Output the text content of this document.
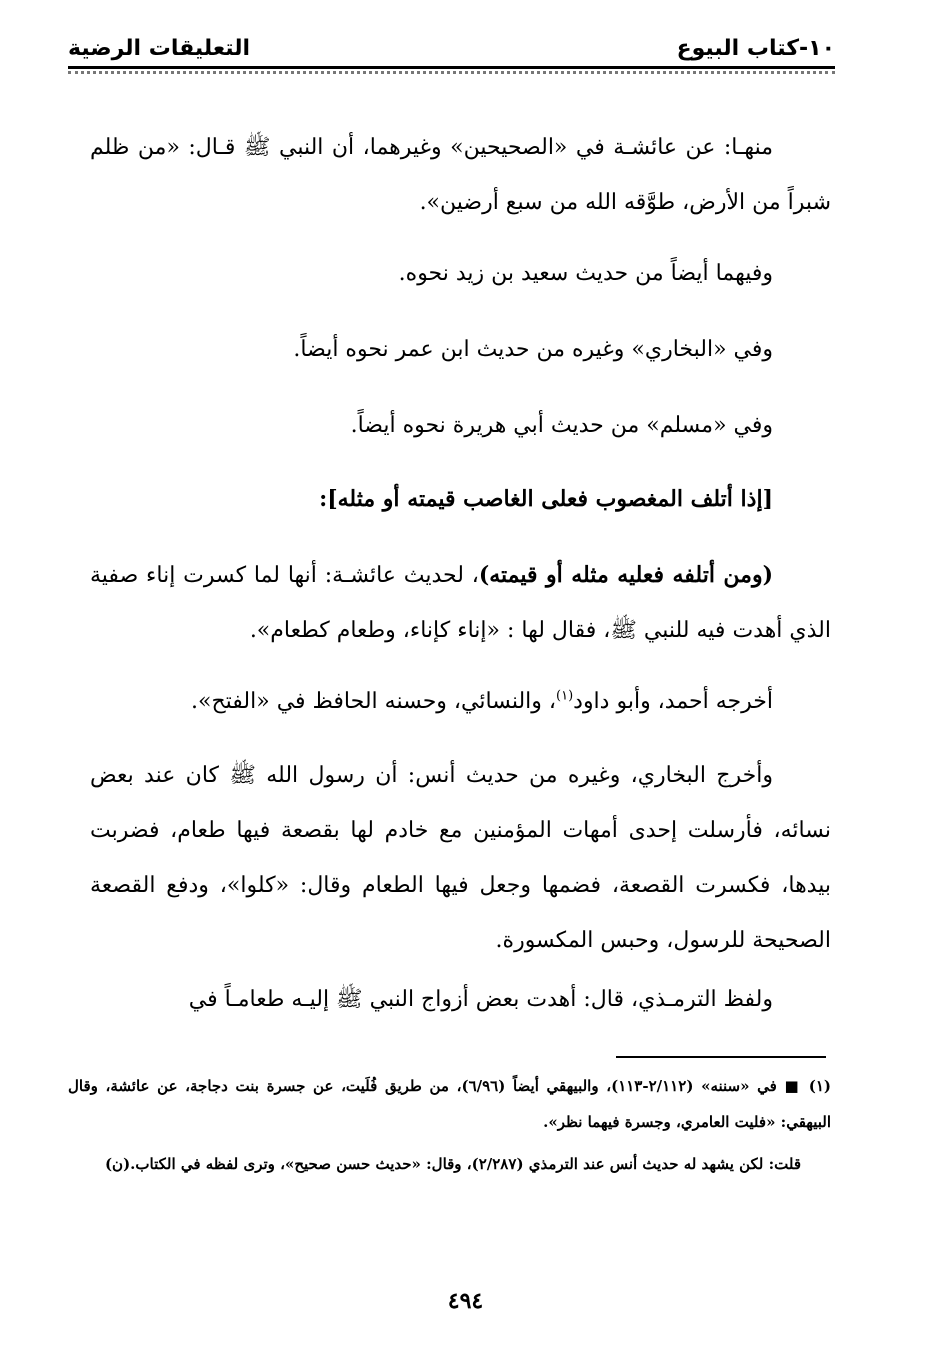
١٠-كتاب البيوع
التعليقات الرضية
منهـا: عن عائشـة في «الصحيحين» وغيرهما، أن النبي ﷺ قـال: «من ظلم شبراً من الأرض، طوَّقه الله من سبع أرضين».
وفيهما أيضاً من حديث سعيد بن زيد نحوه.
وفي «البخاري» وغيره من حديث ابن عمر نحوه أيضاً.
وفي «مسلم» من حديث أبي هريرة نحوه أيضاً.
[إذا أتلف المغصوب فعلى الغاصب قيمته أو مثله]:
(ومن أتلفه فعليه مثله أو قيمته)، لحديث عائشـة: أنها لما كسرت إناء صفية الذي أهدت فيه للنبي ﷺ، فقال لها : «إناء كإناء، وطعام كطعام».
أخرجه أحمد، وأبو داود$^{(١)}$، والنسائي، وحسنه الحافظ في «الفتح».
وأخرج البخاري، وغيره من حديث أنس: أن رسول الله ﷺ كان عند بعض نسائه، فأرسلت إحدى أمهات المؤمنين مع خادم لها بقصعة فيها طعام، فضربت بيدها، فكسرت القصعة، فضمها وجعل فيها الطعام وقال: «كلوا»، ودفع القصعة الصحيحة للرسول، وحبس المكسورة.
ولفظ الترمـذي، قال: أهدت بعض أزواج النبي ﷺ إليـه طعامـاً في
(١) ■ في «سننه» (٢/١١٢-١١٣)، والبيهقي أيضاً (٦/٩٦)، من طريق فُلَيت، عن جسرة بنت دجاجة، عن عائشة، وقال البيهقي: «فليت العامري، وجسرة فيهما نظر».
قلت: لكن يشهد له حديث أنس عند الترمذي (٢/٢٨٧)، وقال: «حديث حسن صحيح»، وترى لفظه في الكتاب.(ن)
٤٩٤
